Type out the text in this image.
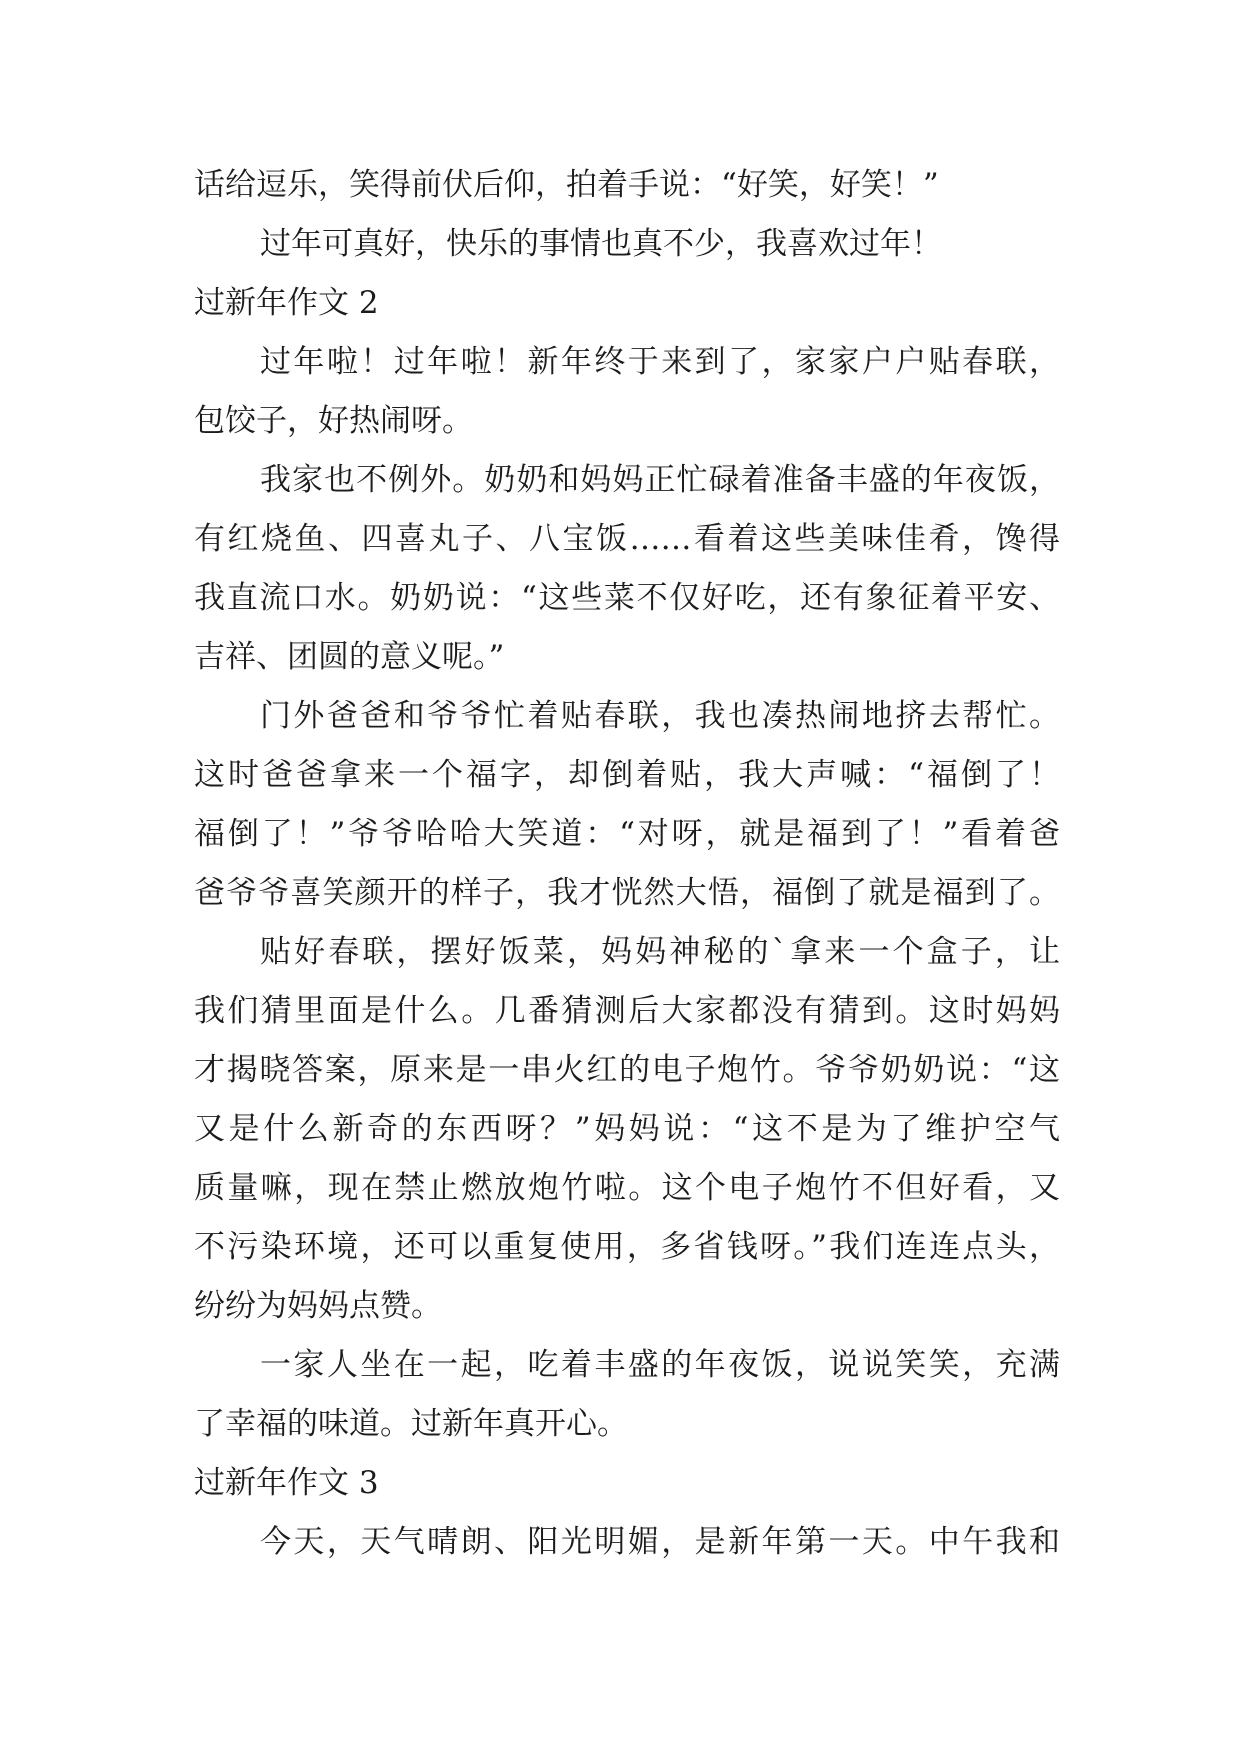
话给逗乐，笑得前伏后仰，拍着手说：“好笑，好笑！”
过年可真好，快乐的事情也真不少，我喜欢过年！
过新年作文 2
过年啦！过年啦！新年终于来到了，家家户户贴春联，
包饺子，好热闹呀。
我家也不例外。奶奶和妈妈正忙碌着准备丰盛的年夜饭，
有红烧鱼、四喜丸子、八宝饭……看着这些美味佳肴，馋得
我直流口水。奶奶说：“这些菜不仅好吃，还有象征着平安、
吉祥、团圆的意义呢。”
门外爸爸和爷爷忙着贴春联，我也凑热闹地挤去帮忙。
这时爸爸拿来一个福字，却倒着贴，我大声喊：“福倒了！
福倒了！”爷爷哈哈大笑道：“对呀，就是福到了！”看着爸
爸爷爷喜笑颜开的样子，我才恍然大悟，福倒了就是福到了。
贴好春联，摆好饭菜，妈妈神秘的`拿来一个盒子，让
我们猜里面是什么。几番猜测后大家都没有猜到。这时妈妈
才揭晓答案，原来是一串火红的电子炮竹。爷爷奶奶说：“这
又是什么新奇的东西呀？”妈妈说：“这不是为了维护空气
质量嘛，现在禁止燃放炮竹啦。这个电子炮竹不但好看，又
不污染环境，还可以重复使用，多省钱呀。”我们连连点头，
纷纷为妈妈点赞。
一家人坐在一起，吃着丰盛的年夜饭，说说笑笑，充满
了幸福的味道。过新年真开心。
过新年作文 3
今天，天气晴朗、阳光明媚，是新年第一天。中午我和
